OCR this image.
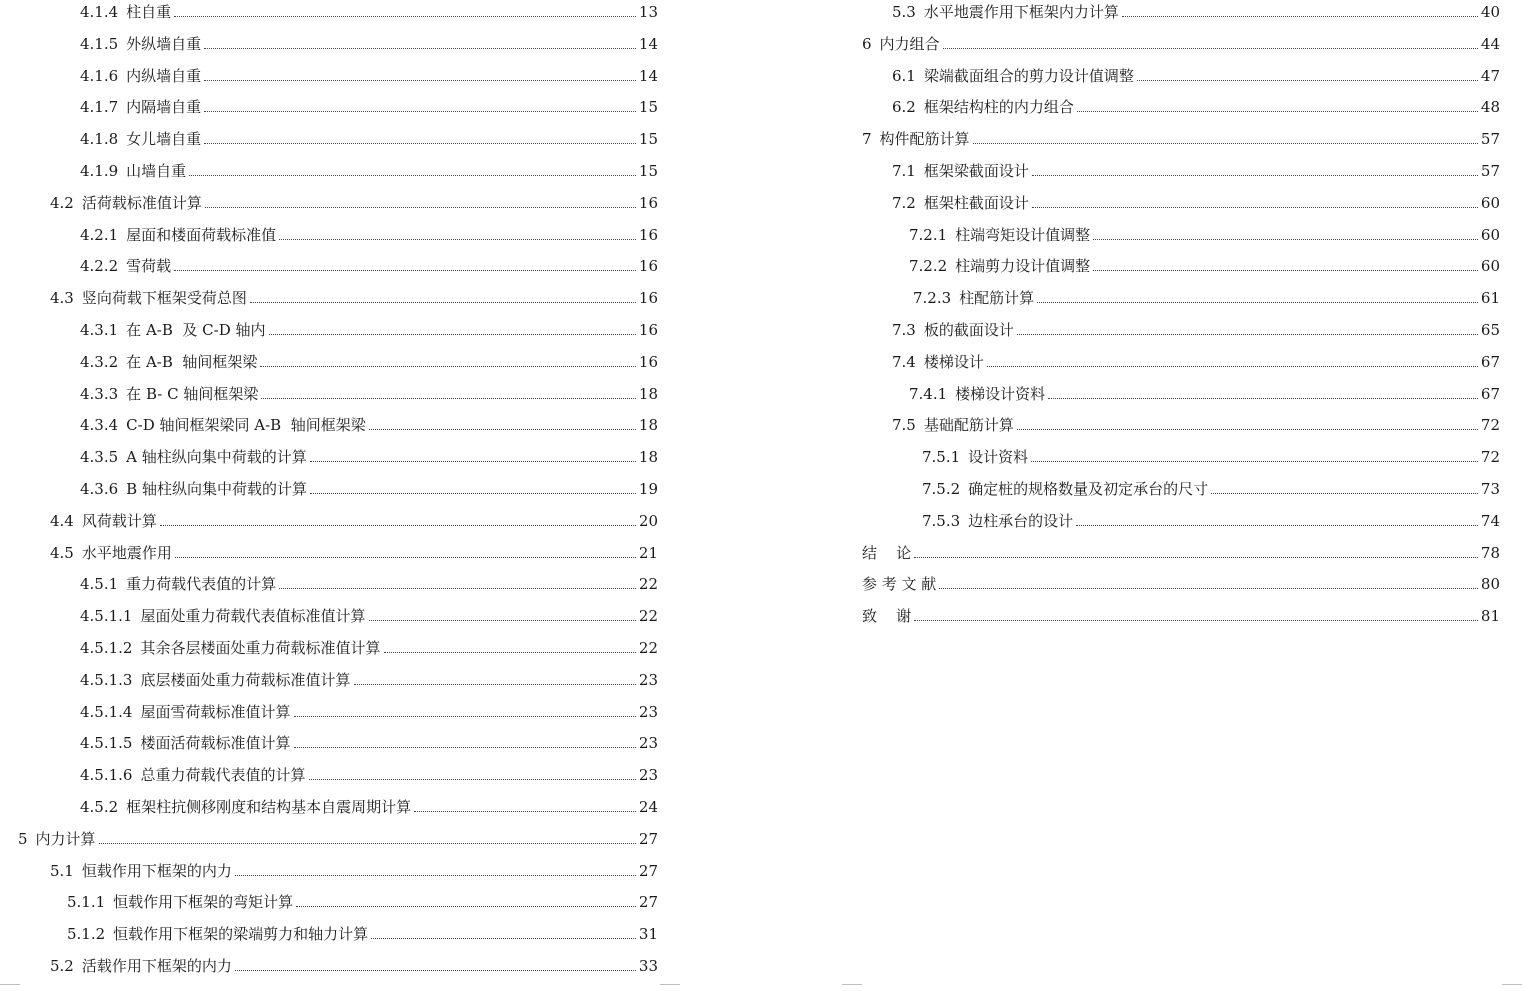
4.1.4 柱自重	13
4.1.5 外纵墙自重	14
4.1.6 内纵墙自重	14
4.1.7 内隔墙自重	15
4.1.8 女儿墙自重	15
4.1.9 山墙自重	15
4.2 活荷载标准值计算	16
4.2.1 屋面和楼面荷载标准值	16
4.2.2 雪荷载	16
4.3 竖向荷载下框架受荷总图	16
4.3.1 在 A-B  及 C-D 轴内	16
4.3.2 在 A-B  轴间框架梁	16
4.3.3 在 B- C 轴间框架梁	18
4.3.4 C-D 轴间框架梁同 A-B  轴间框架梁	18
4.3.5 A 轴柱纵向集中荷载的计算	18
4.3.6 B 轴柱纵向集中荷载的计算	19
4.4 风荷载计算	20
4.5 水平地震作用	21
4.5.1 重力荷载代表值的计算	22
4.5.1.1 屋面处重力荷载代表值标准值计算	22
4.5.1.2 其余各层楼面处重力荷载标准值计算	22
4.5.1.3 底层楼面处重力荷载标准值计算	23
4.5.1.4 屋面雪荷载标准值计算	23
4.5.1.5 楼面活荷载标准值计算	23
4.5.1.6 总重力荷载代表值的计算	23
4.5.2 框架柱抗侧移刚度和结构基本自震周期计算	24
5 内力计算	27
5.1 恒载作用下框架的内力	27
5.1.1 恒载作用下框架的弯矩计算	27
5.1.2 恒载作用下框架的梁端剪力和轴力计算	31
5.2 活载作用下框架的内力	33
5.3 水平地震作用下框架内力计算	40
6 内力组合	44
6.1 梁端截面组合的剪力设计值调整	47
6.2 框架结构柱的内力组合	48
7 构件配筋计算	57
7.1 框架梁截面设计	57
7.2 框架柱截面设计	60
7.2.1 柱端弯矩设计值调整	60
7.2.2 柱端剪力设计值调整	60
7.2.3 柱配筋计算	61
7.3 板的截面设计	65
7.4 楼梯设计	67
7.4.1 楼梯设计资料	67
7.5 基础配筋计算	72
7.5.1 设计资料	72
7.5.2 确定桩的规格数量及初定承台的尺寸	73
7.5.3 边柱承台的设计	74
结    论	78
参 考 文 献	80
致    谢	81
